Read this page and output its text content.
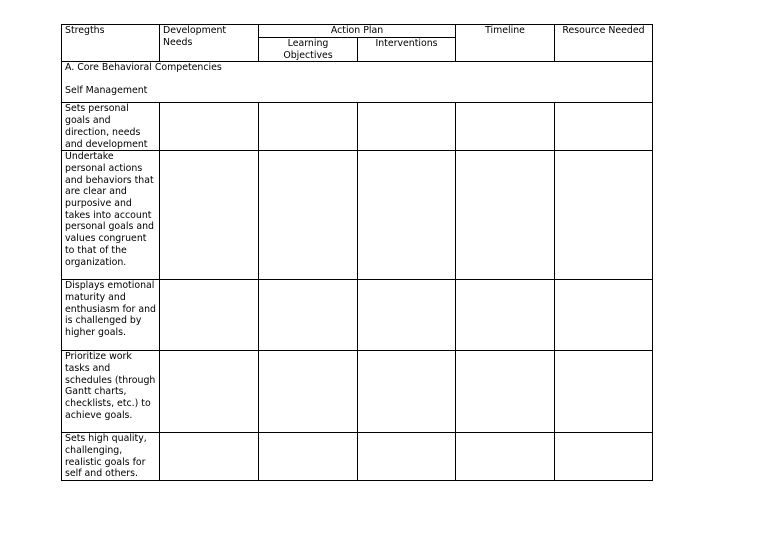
Stregths	Development Needs	Action Plan		Timeline	Resource Needed
		Learning Objectives	Interventions		

A. Core Behavioral Competencies
Self Management					

Sets personal goals and direction, needs and development					
Undertake personal actions and behaviors that are clear and purposive and takes into account personal goals and values congruent to that of the organization.					
Displays emotional maturity and enthusiasm for and is challenged by higher goals.					
Prioritize work tasks and schedules (through Gantt charts, checklists, etc.) to achieve goals.					
Sets high quality, challenging, realistic goals for self and others.					
